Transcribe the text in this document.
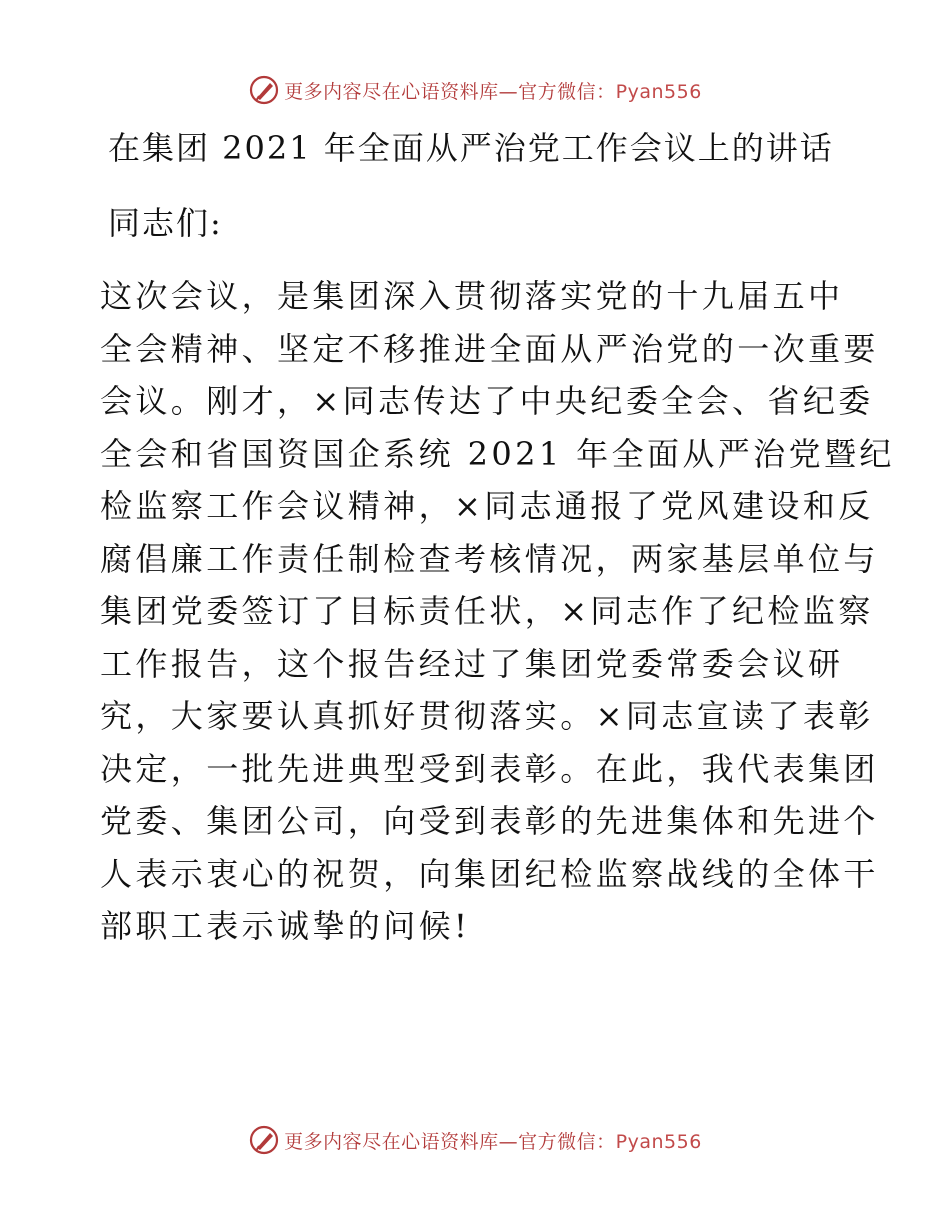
更多内容尽在心语资料库—官方微信：Pyan556
在集团 2021 年全面从严治党工作会议上的讲话
同志们:
这次会议，是集团深入贯彻落实党的十九届五中
全会精神、坚定不移推进全面从严治党的一次重要
会议。刚才，×同志传达了中央纪委全会、省纪委
全会和省国资国企系统 2021 年全面从严治党暨纪
检监察工作会议精神，×同志通报了党风建设和反
腐倡廉工作责任制检查考核情况，两家基层单位与
集团党委签订了目标责任状，×同志作了纪检监察
工作报告，这个报告经过了集团党委常委会议研
究，大家要认真抓好贯彻落实。×同志宣读了表彰
决定，一批先进典型受到表彰。在此，我代表集团
党委、集团公司，向受到表彰的先进集体和先进个
人表示衷心的祝贺，向集团纪检监察战线的全体干
部职工表示诚挚的问候!
更多内容尽在心语资料库—官方微信：Pyan556
